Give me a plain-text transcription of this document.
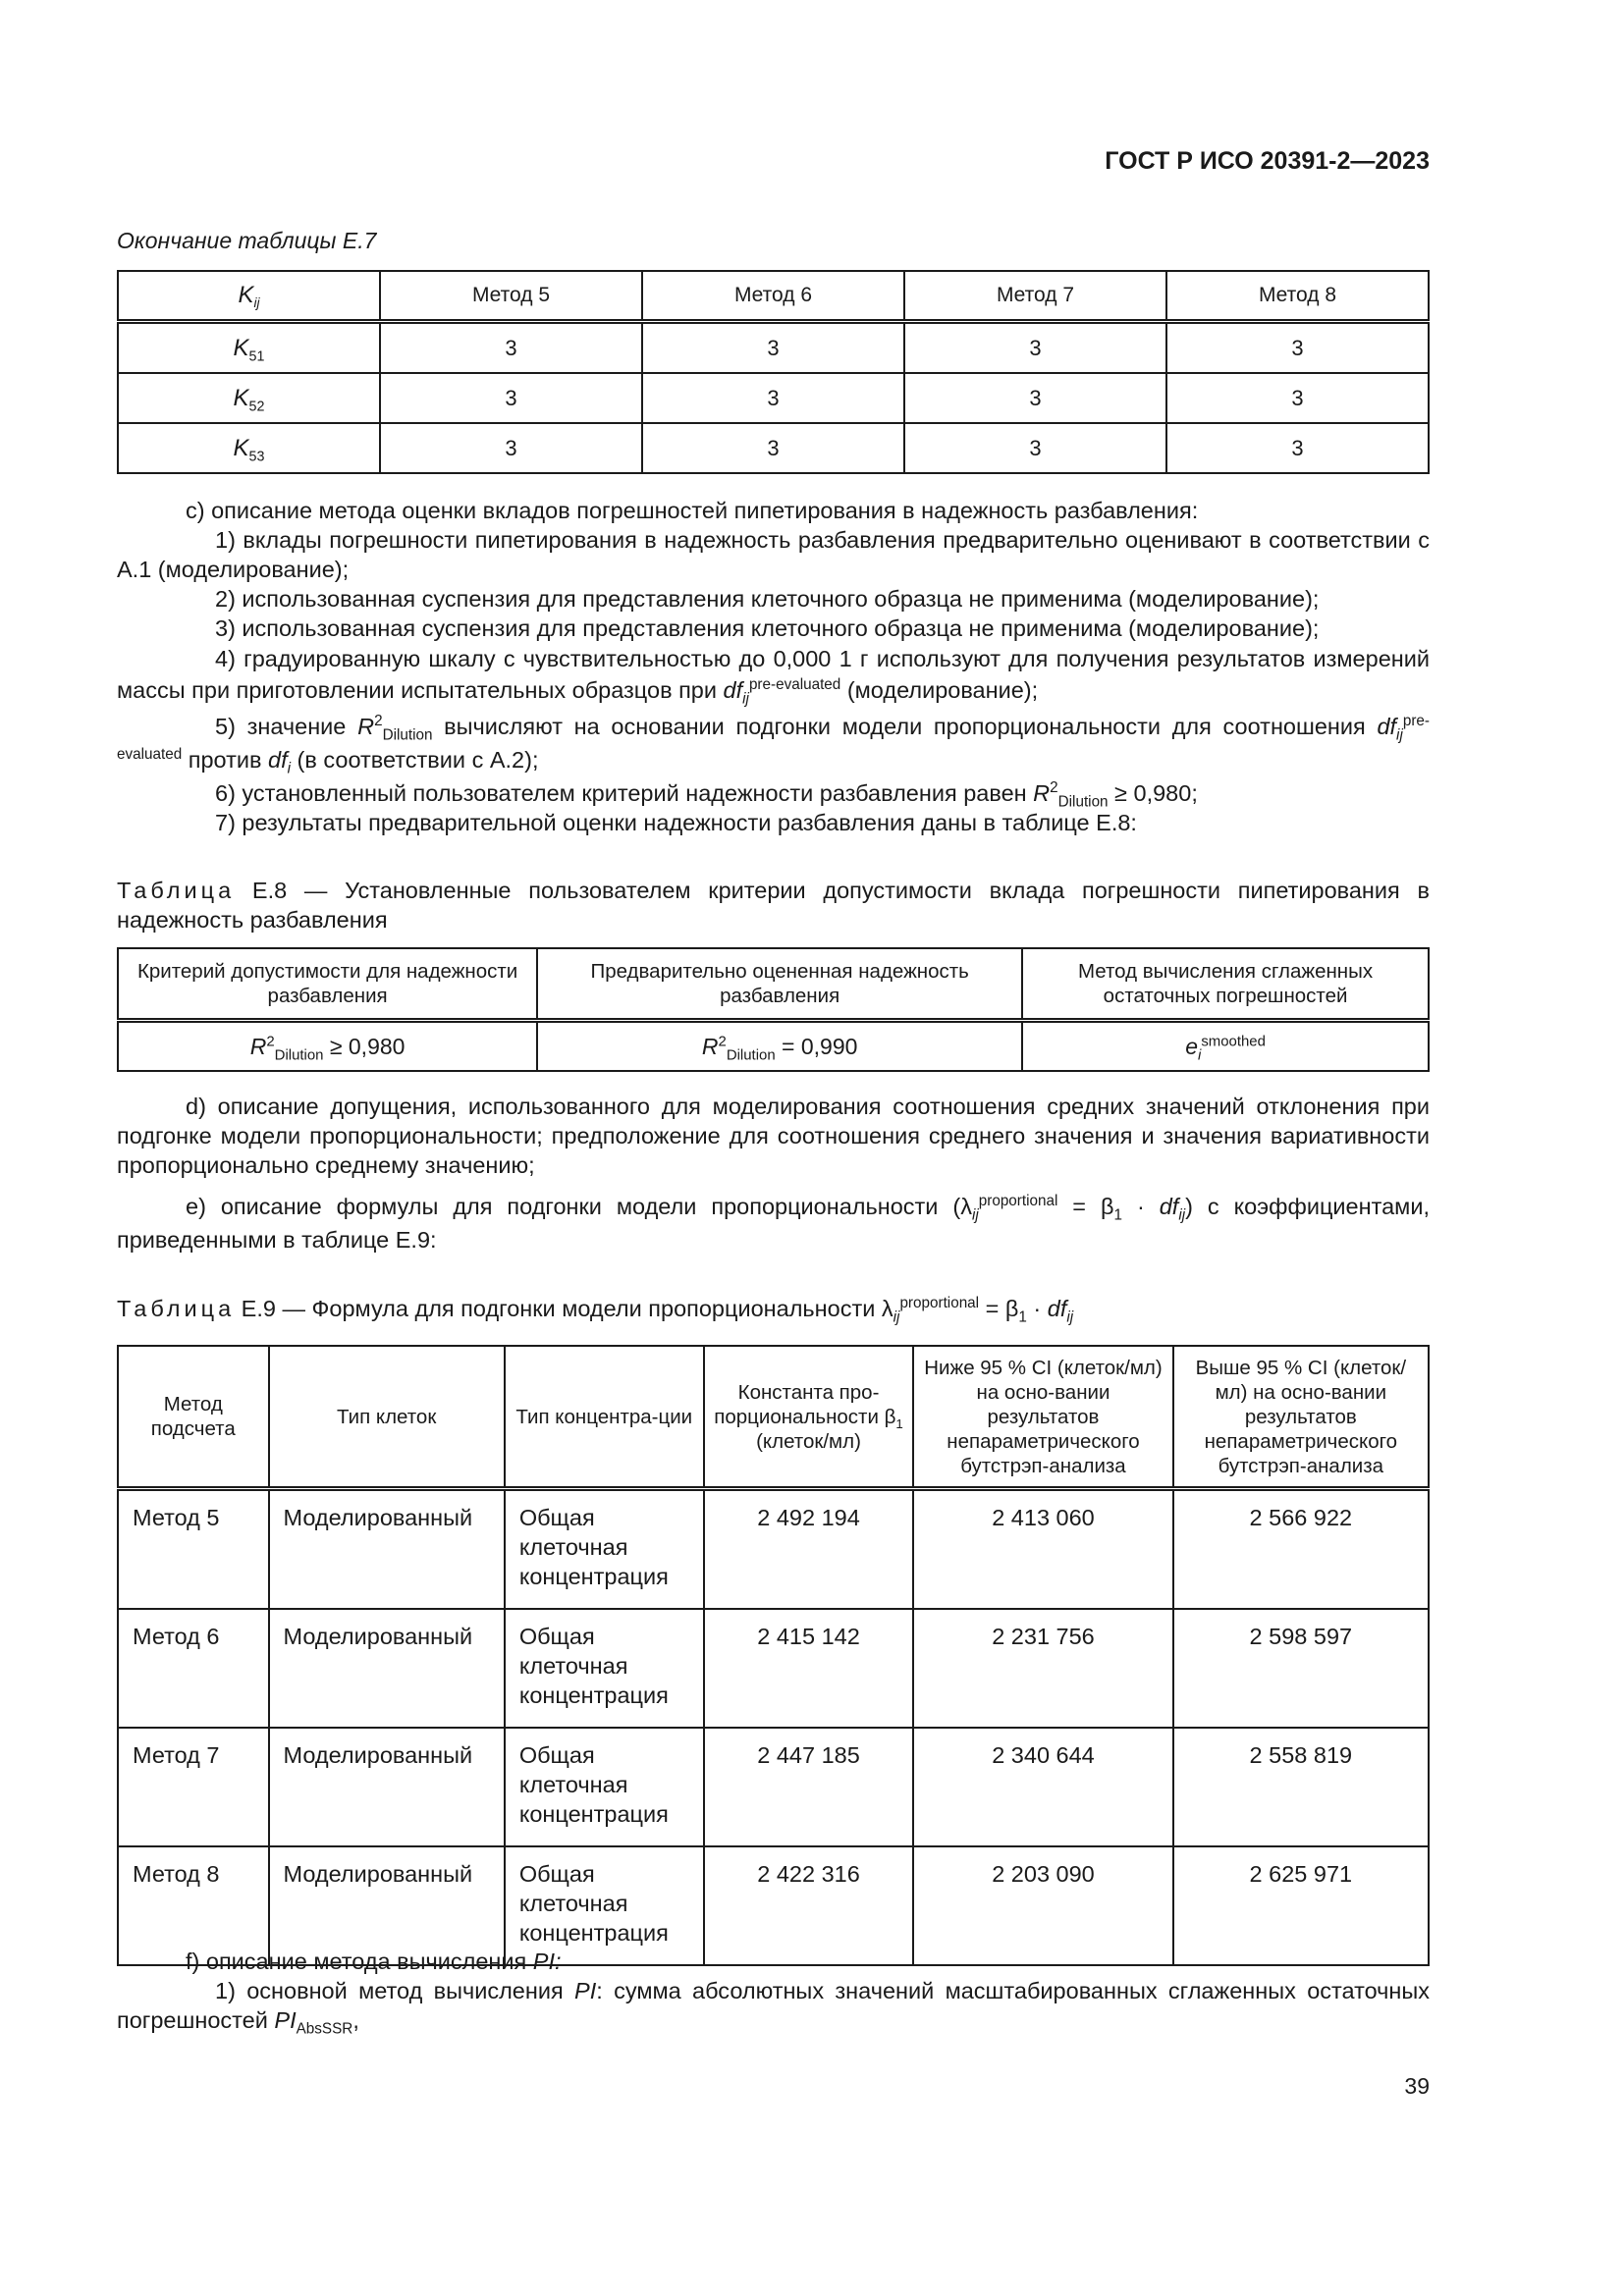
ГОСТ Р ИСО 20391-2—2023
Окончание таблицы Е.7
$K_{ij}$	Метод 5	Метод 6	Метод 7	Метод 8
$K_{51}$	3	3	3	3
$K_{52}$	3	3	3	3
$K_{53}$	3	3	3	3
c) описание метода оценки вкладов погрешностей пипетирования в надежность разбавления:
1) вклады погрешности пипетирования в надежность разбавления предварительно оценивают в соответствии с А.1 (моделирование);
2) использованная суспензия для представления клеточного образца не применима (моделирование);
3) использованная суспензия для представления клеточного образца не применима (моделирование);
4) градуированную шкалу с чувствительностью до 0,000 1 г используют для получения результатов измерений массы при приготовлении испытательных образцов при $df_{ij}^{pre-evaluated}$ (моделирование);
5) значение $R^2_{Dilution}$ вычисляют на основании подгонки модели пропорциональности для соотношения $df_{ij}^{pre-evaluated}$ против $df_i$ (в соответствии с А.2);
6) установленный пользователем критерий надежности разбавления равен $R^2_{Dilution} \ge 0,980$;
7) результаты предварительной оценки надежности разбавления даны в таблице Е.8:
Таблица Е.8 — Установленные пользователем критерии допустимости вклада погрешности пипетирования в надежность разбавления
Критерий допустимости для надежности разбавления	Предварительно оцененная надежность разбавления	Метод вычисления сглаженных остаточных погрешностей
$R^2_{Dilution} \ge 0,980$	$R^2_{Dilution} = 0,990$	$e_i^{smoothed}$
d) описание допущения, использованного для моделирования соотношения средних значений отклонения при подгонке модели пропорциональности; предположение для соотношения среднего значения и значения вариативности пропорционально среднему значению;
e) описание формулы для подгонки модели пропорциональности $(\lambda_{ij}^{proportional} = \beta_1 \cdot df_{ij})$ с коэффициентами, приведенными в таблице Е.9:
Таблица Е.9 — Формула для подгонки модели пропорциональности $\lambda_{ij}^{proportional} = \beta_1 \cdot df_{ij}$
Метод подсчета	Тип клеток	Тип концентра-ции	Константа про-порциональности $\beta_1$ (клеток/мл)	Ниже 95 % CI (клеток/мл) на осно-вании результатов непараметрического бутстрэп-анализа	Выше 95 % CI (клеток/мл) на осно-вании результатов непараметрического бутстрэп-анализа
Метод 5	Моделированный	Общая клеточная концентрация	2 492 194	2 413 060	2 566 922
Метод 6	Моделированный	Общая клеточная концентрация	2 415 142	2 231 756	2 598 597
Метод 7	Моделированный	Общая клеточная концентрация	2 447 185	2 340 644	2 558 819
Метод 8	Моделированный	Общая клеточная концентрация	2 422 316	2 203 090	2 625 971
f) описание метода вычисления PI:
1) основной метод вычисления PI: сумма абсолютных значений масштабированных сглаженных остаточных погрешностей $PI_{AbsSSR}$,
39
